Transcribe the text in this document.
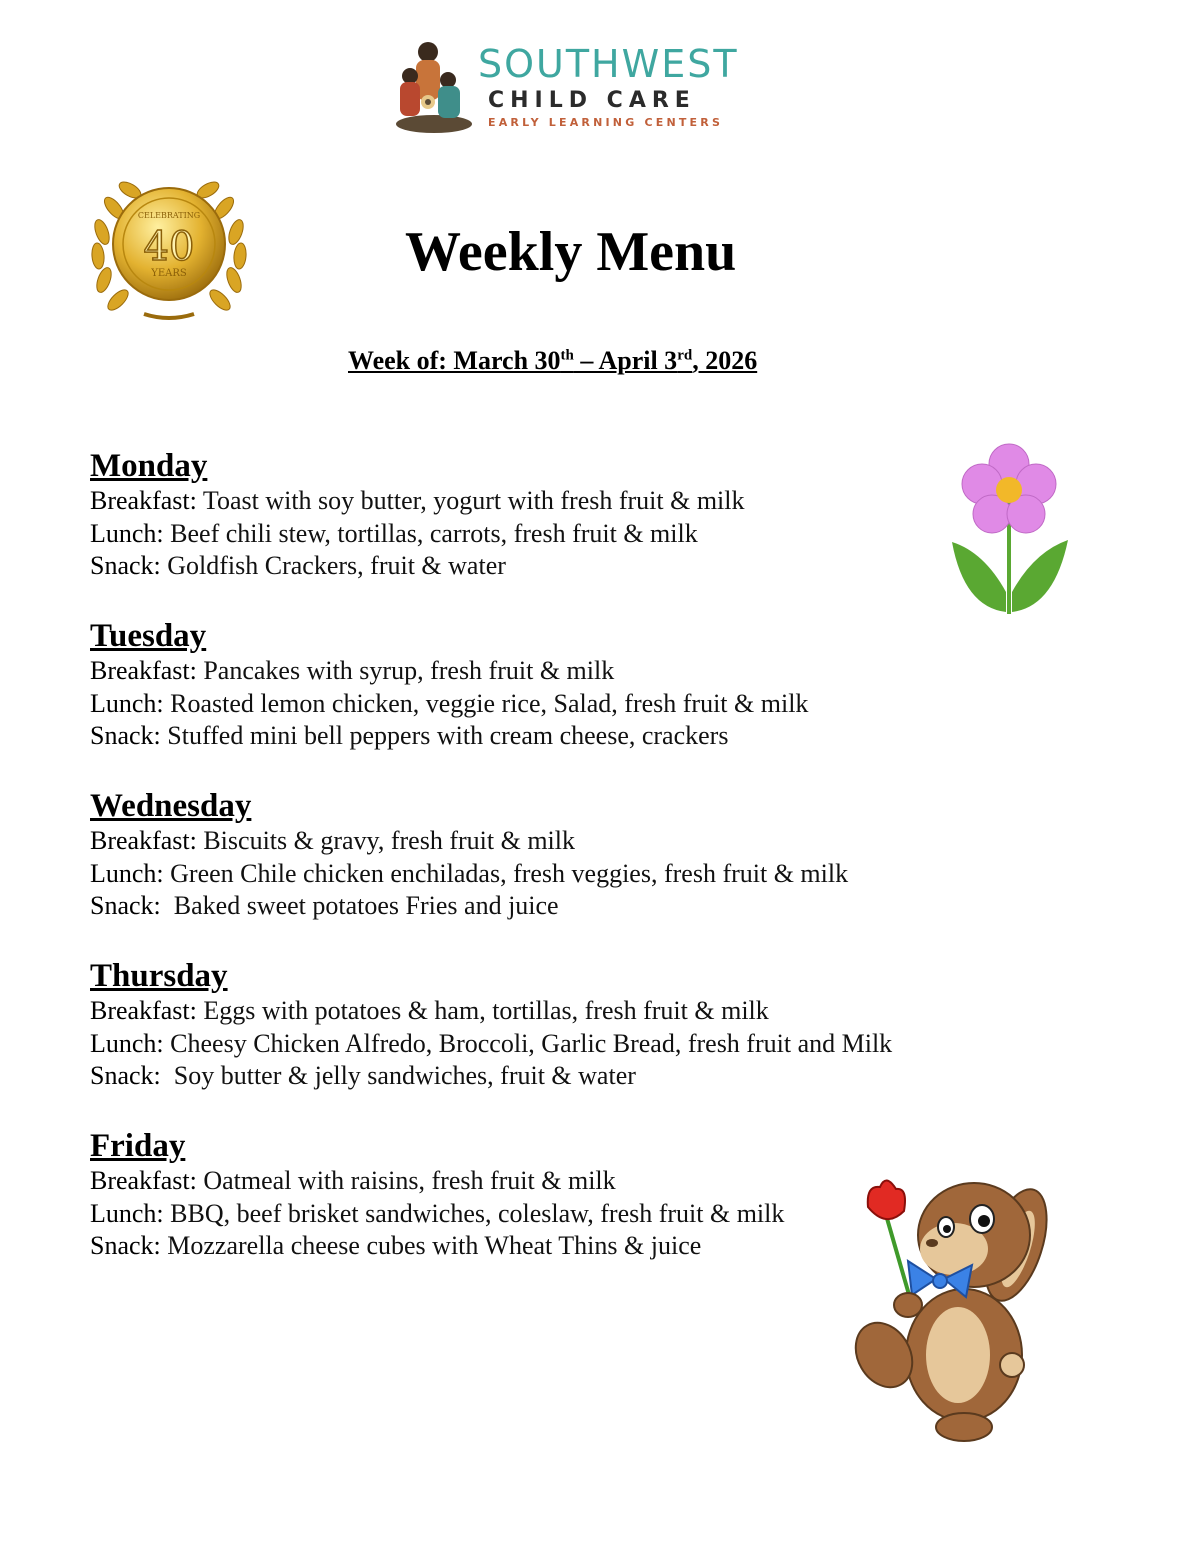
SOUTHWEST
CHILD CARE
EARLY LEARNING CENTERS
CELEBRATING
40
YEARS	Weekly Menu
Week of: March 30th – April 3rd, 2026
Monday
Breakfast: Toast with soy butter, yogurt with fresh fruit & milk
Lunch: Beef chili stew, tortillas, carrots, fresh fruit & milk
Snack: Goldfish Crackers, fruit & water
Tuesday
Breakfast: Pancakes with syrup, fresh fruit & milk
Lunch: Roasted lemon chicken, veggie rice, Salad, fresh fruit & milk
Snack: Stuffed mini bell peppers with cream cheese, crackers
Wednesday
Breakfast: Biscuits & gravy, fresh fruit & milk
Lunch: Green Chile chicken enchiladas, fresh veggies, fresh fruit & milk
Snack:  Baked sweet potatoes Fries and juice
Thursday
Breakfast: Eggs with potatoes & ham, tortillas, fresh fruit & milk
Lunch: Cheesy Chicken Alfredo, Broccoli, Garlic Bread, fresh fruit and Milk
Snack:  Soy butter & jelly sandwiches, fruit & water
Friday
Breakfast: Oatmeal with raisins, fresh fruit & milk
Lunch: BBQ, beef brisket sandwiches, coleslaw, fresh fruit & milk
Snack: Mozzarella cheese cubes with Wheat Thins & juice
